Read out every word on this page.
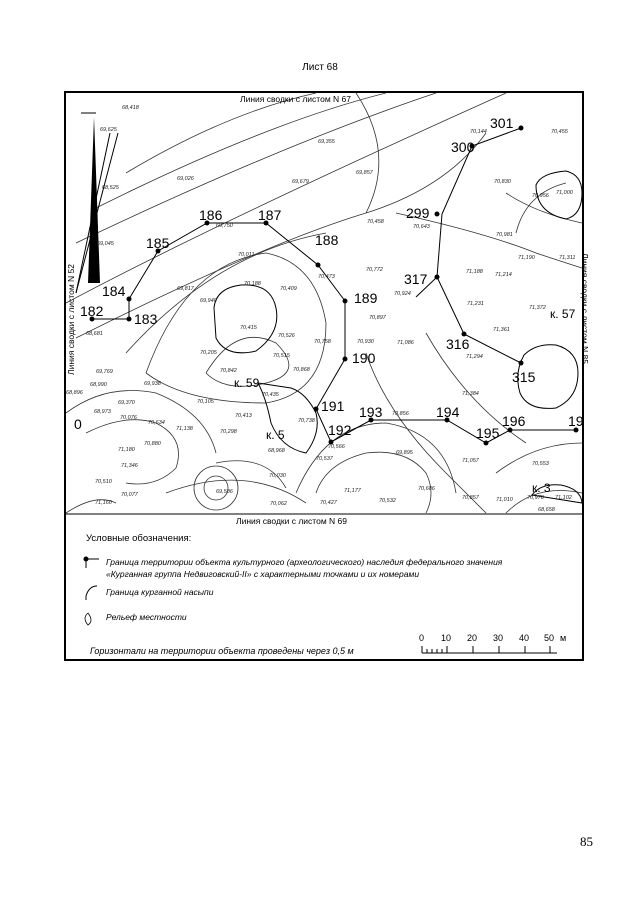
Лист 68
182 183
184
185
186	187
188
189
190
191
192
193	194
195
196	19
299
300
301
315
316
317
0
к. 59
к. 5
к. 57
к. 3
68,418
69,625
69,355
69,857
70,144	70,455
68,525
69,026	69,679	70,830
70,956 71,000
69,045
69,750
70,458
70,643
70,981
70,011	71,190	71,311
70,473
70,772	71,188 71,214
69,817
69,940
70,188
70,409
70,924
71,231
71,372
68,681
70,415
70,526
70,897
71,361
70,205	70,515
70,758	70,930	71,086
71,294
69,769
68,990	69,938
70,842	70,868
68,896
69,370	70,105
70,435	71,384
68,973
70,076
70,634
70,413
70,738
70,856
71,138	70,298
70,566
70,880
69,895
71,057
71,180	68,968
70,537
70,553
71,346
70,030
70,510
69,586	71,177	70,686
70,077
70,062	70,427	70,532	70,857	71,010	70,978 71,102
71,160
68,658
Линия сводки с листом N 67
Линия сводки с листом N 69
Линия сводки с листом N 52	Линия сводки с листом N 85
0 10 20 30 40 50 м
Условные обозначения:
Граница территории объекта культурного (археологического) наследия федерального значения
«Курганная группа Недвиговский-II» с характерными точками и их номерами
Граница курганной насыпи
Рельеф местности
Горизонтали на территории объекта проведены через 0,5 м
85
